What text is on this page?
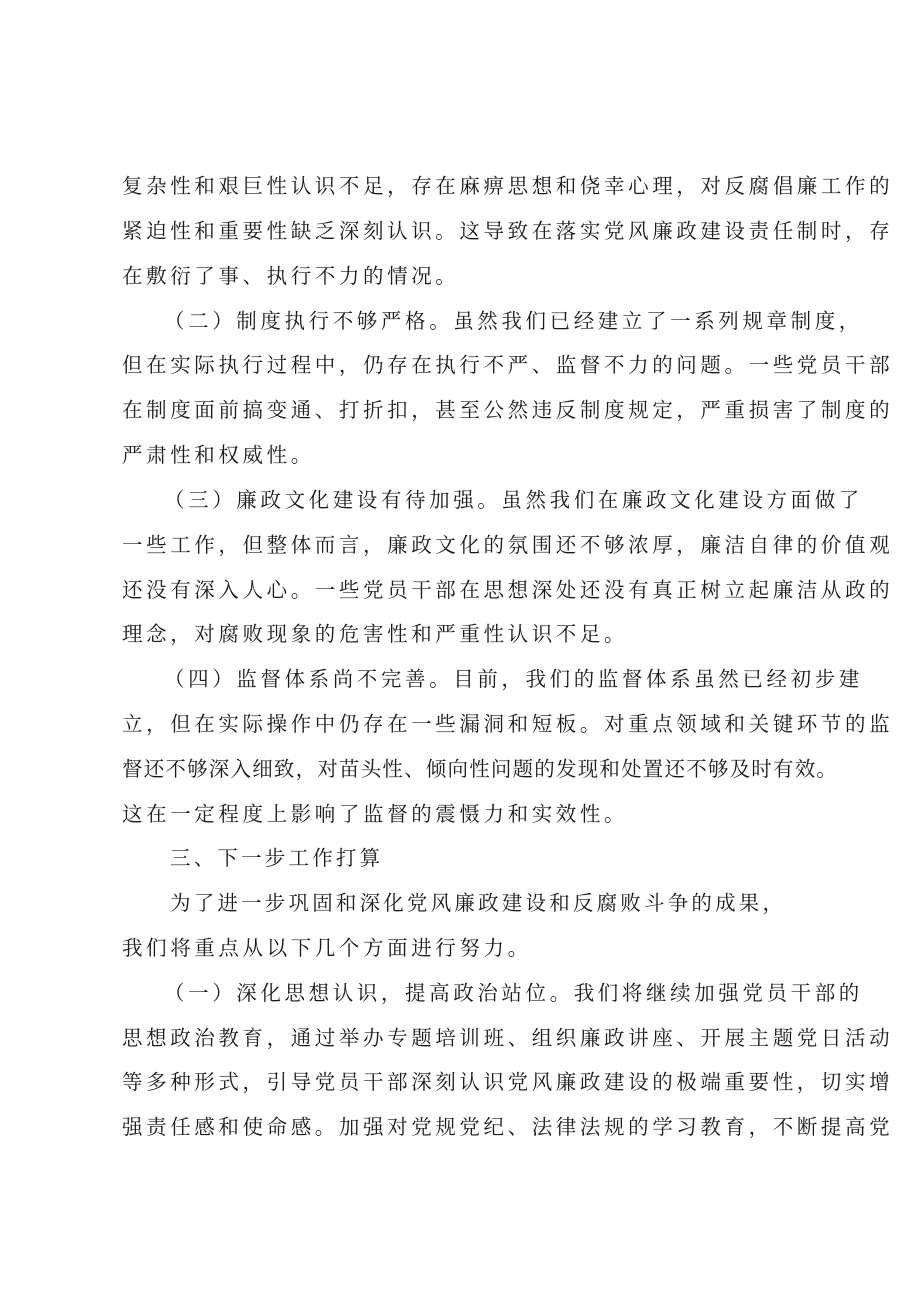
复杂性和艰巨性认识不足，存在麻痹思想和侥幸心理，对反腐倡廉工作的
紧迫性和重要性缺乏深刻认识。这导致在落实党风廉政建设责任制时，存
在敷衍了事、执行不力的情况。
（二）制度执行不够严格。虽然我们已经建立了一系列规章制度，
但在实际执行过程中，仍存在执行不严、监督不力的问题。一些党员干部
在制度面前搞变通、打折扣，甚至公然违反制度规定，严重损害了制度的
严肃性和权威性。
（三）廉政文化建设有待加强。虽然我们在廉政文化建设方面做了
一些工作，但整体而言，廉政文化的氛围还不够浓厚，廉洁自律的价值观
还没有深入人心。一些党员干部在思想深处还没有真正树立起廉洁从政的
理念，对腐败现象的危害性和严重性认识不足。
（四）监督体系尚不完善。目前，我们的监督体系虽然已经初步建
立，但在实际操作中仍存在一些漏洞和短板。对重点领域和关键环节的监
督还不够深入细致，对苗头性、倾向性问题的发现和处置还不够及时有效。
这在一定程度上影响了监督的震慑力和实效性。
三、下一步工作打算
为了进一步巩固和深化党风廉政建设和反腐败斗争的成果，
我们将重点从以下几个方面进行努力。
（一）深化思想认识，提高政治站位。我们将继续加强党员干部的
思想政治教育，通过举办专题培训班、组织廉政讲座、开展主题党日活动
等多种形式，引导党员干部深刻认识党风廉政建设的极端重要性，切实增
强责任感和使命感。加强对党规党纪、法律法规的学习教育，不断提高党
